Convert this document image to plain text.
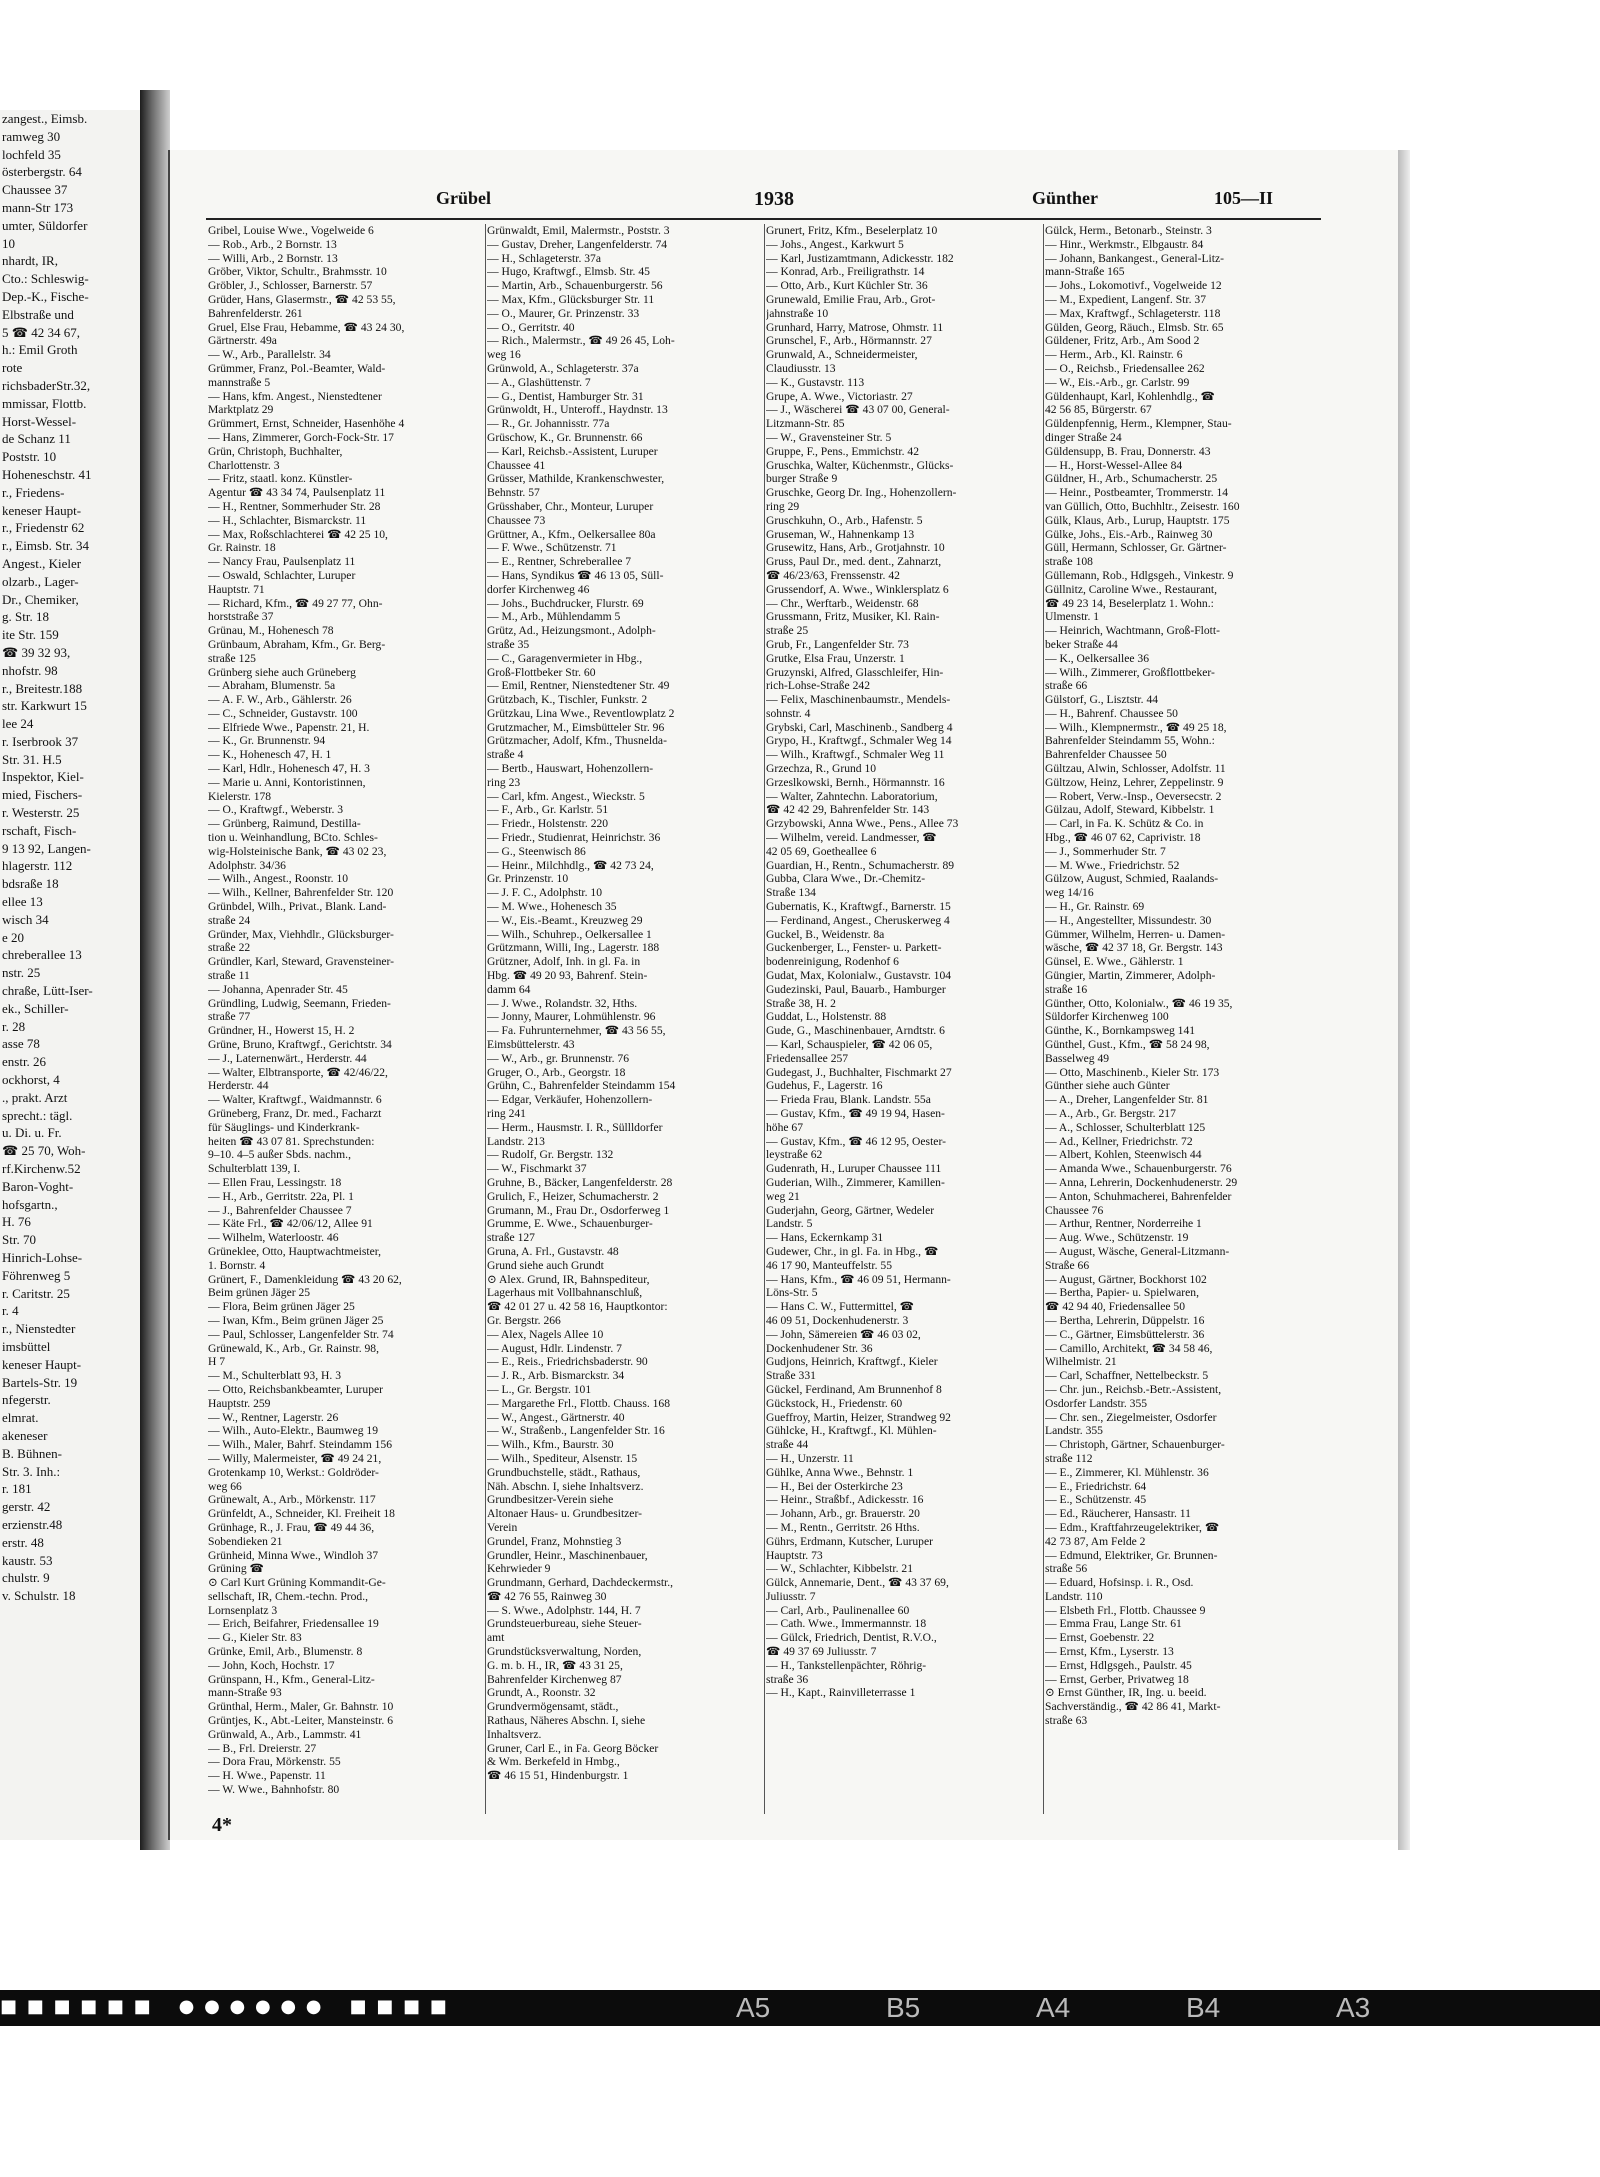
zangest., Eimsb.
ramweg 30
lochfeld 35
österbergstr. 64
Chaussee 37
mann-Str 173
umter, Süldorfer
10
nhardt, IR,
Cto.: Schleswig-
Dep.-K., Fische-
Elbstraße und
5 ☎ 42 34 67,
h.: Emil Groth
rote
richsbaderStr.32,
mmissar, Flottb.
Horst-Wessel-
de Schanz 11
Poststr. 10
Hoheneschstr. 41
r., Friedens-
keneser Haupt-
r., Friedenstr 62
r., Eimsb. Str. 34
Angest., Kieler
olzarb., Lager-
Dr., Chemiker,
g. Str. 18
ite Str. 159
☎ 39 32 93,
nhofstr. 98
r., Breitestr.188
str. Karkwurt 15
lee 24
r. Iserbrook 37
Str. 31. H.5
Inspektor, Kiel-
mied, Fischers-
r. Westerstr. 25
rschaft, Fisch-
9 13 92, Langen-
hlagerstr. 112
bdsraße 18
ellee 13
wisch 34
e 20
chreberallee 13
nstr. 25
chraße, Lütt-Iser-
ek., Schiller-
r. 28
asse 78
enstr. 26
ockhorst, 4
., prakt. Arzt
sprecht.: tägl.
u. Di. u. Fr.
☎ 25 70, Woh-
rf.Kirchenw.52
Baron-Voght-
hofsgartn.,
H. 76
Str. 70
Hinrich-Lohse-
Föhrenweg 5
r. Caritstr. 25
r. 4
r., Nienstedter
imsbüttel
keneser Haupt-
Bartels-Str. 19
nfegerstr.
elmrat.
akeneser
B. Bühnen-
Str. 3. Inh.:
r. 181
gerstr. 42
erzienstr.48
erstr. 48
kaustr. 53
chulstr. 9
v. Schulstr. 18
Grübel	1938	Günther	105—II
Gribel, Louise Wwe., Vogelweide 6
— Rob., Arb., 2 Bornstr. 13
— Willi, Arb., 2 Bornstr. 13
Gröber, Viktor, Schultr., Brahmsstr. 10
Gröbler, J., Schlosser, Barnerstr. 57
Grüder, Hans, Glasermstr., ☎ 42 53 55,
Bahrenfelderstr. 261
Gruel, Else Frau, Hebamme, ☎ 43 24 30,
Gärtnerstr. 49a
— W., Arb., Parallelstr. 34
Grümmer, Franz, Pol.-Beamter, Wald-
mannstraße 5
— Hans, kfm. Angest., Nienstedtener
Marktplatz 29
Grümmert, Ernst, Schneider, Hasenhöhe 4
— Hans, Zimmerer, Gorch-Fock-Str. 17
Grün, Christoph, Buchhalter,
Charlottenstr. 3
— Fritz, staatl. konz. Künstler-
Agentur ☎ 43 34 74, Paulsenplatz 11
— H., Rentner, Sommerhuder Str. 28
— H., Schlachter, Bismarckstr. 11
— Max, Roßschlachterei ☎ 42 25 10,
Gr. Rainstr. 18
— Nancy Frau, Paulsenplatz 11
— Oswald, Schlachter, Luruper
Hauptstr. 71
— Richard, Kfm., ☎ 49 27 77, Ohn-
horststraße 37
Grünau, M., Hohenesch 78
Grünbaum, Abraham, Kfm., Gr. Berg-
straße 125
Grünberg siehe auch Grüneberg
— Abraham, Blumenstr. 5a
— A. F. W., Arb., Gählerstr. 26
— C., Schneider, Gustavstr. 100
— Elfriede Wwe., Papenstr. 21, H.
— K., Gr. Brunnenstr. 94
— K., Hohenesch 47, H. 1
— Karl, Hdlr., Hohenesch 47, H. 3
— Marie u. Anni, Kontoristinnen,
Kielerstr. 178
— O., Kraftwgf., Weberstr. 3
— Grünberg, Raimund, Destilla-
tion u. Weinhandlung, BCto. Schles-
wig-Holsteinische Bank, ☎ 43 02 23,
Adolphstr. 34/36
— Wilh., Angest., Roonstr. 10
— Wilh., Kellner, Bahrenfelder Str. 120
Grünbdel, Wilh., Privat., Blank. Land-
straße 24
Gründer, Max, Viehhdlr., Glücksburger-
straße 22
Gründler, Karl, Steward, Gravensteiner-
straße 11
— Johanna, Apenrader Str. 45
Gründling, Ludwig, Seemann, Frieden-
straße 77
Gründner, H., Howerst 15, H. 2
Grüne, Bruno, Kraftwgf., Gerichtstr. 34
— J., Laternenwärt., Herderstr. 44
— Walter, Elbtransporte, ☎ 42/46/22,
Herderstr. 44
— Walter, Kraftwgf., Waidmannstr. 6
Grüneberg, Franz, Dr. med., Facharzt
für Säuglings- und Kinderkrank-
heiten ☎ 43 07 81. Sprechstunden:
9–10. 4–5 außer Sbds. nachm.,
Schulterblatt 139, I.
— Ellen Frau, Lessingstr. 18
— H., Arb., Gerritstr. 22a, Pl. 1
— J., Bahrenfelder Chaussee 7
— Käte Frl., ☎ 42/06/12, Allee 91
— Wilhelm, Waterloostr. 46
Grüneklee, Otto, Hauptwachtmeister,
1. Bornstr. 4
Grünert, F., Damenkleidung ☎ 43 20 62,
Beim grünen Jäger 25
— Flora, Beim grünen Jäger 25
— Iwan, Kfm., Beim grünen Jäger 25
— Paul, Schlosser, Langenfelder Str. 74
Grünewald, K., Arb., Gr. Rainstr. 98,
H 7
— M., Schulterblatt 93, H. 3
— Otto, Reichsbankbeamter, Luruper
Hauptstr. 259
— W., Rentner, Lagerstr. 26
— Wilh., Auto-Elektr., Baumweg 19
— Wilh., Maler, Bahrf. Steindamm 156
— Willy, Malermeister, ☎ 49 24 21,
Grotenkamp 10, Werkst.: Goldröder-
weg 66
Grünewalt, A., Arb., Mörkenstr. 117
Grünfeldt, A., Schneider, Kl. Freiheit 18
Grünhage, R., J. Frau, ☎ 49 44 36,
Sobendieken 21
Grünheid, Minna Wwe., Windloh 37
Grüning ☎
⊙ Carl Kurt Grüning Kommandit-Ge-
sellschaft, IR, Chem.-techn. Prod.,
Lornsenplatz 3
— Erich, Beifahrer, Friedensallee 19
— G., Kieler Str. 83
Grünke, Emil, Arb., Blumenstr. 8
— John, Koch, Hochstr. 17
Grünspann, H., Kfm., General-Litz-
mann-Straße 93
Grünthal, Herm., Maler, Gr. Bahnstr. 10
Grüntjes, K., Abt.-Leiter, Mansteinstr. 6
Grünwald, A., Arb., Lammstr. 41
— B., Frl. Dreierstr. 27
— Dora Frau, Mörkenstr. 55
— H. Wwe., Papenstr. 11
— W. Wwe., Bahnhofstr. 80
Grünwaldt, Emil, Malermstr., Poststr. 3
— Gustav, Dreher, Langenfelderstr. 74
— H., Schlageterstr. 37a
— Hugo, Kraftwgf., Elmsb. Str. 45
— Martin, Arb., Schauenburgerstr. 56
— Max, Kfm., Glücksburger Str. 11
— O., Maurer, Gr. Prinzenstr. 33
— O., Gerritstr. 40
— Rich., Malermstr., ☎ 49 26 45, Loh-
weg 16
Grünwold, A., Schlageterstr. 37a
— A., Glashüttenstr. 7
— G., Dentist, Hamburger Str. 31
Grünwoldt, H., Unteroff., Haydnstr. 13
— R., Gr. Johannisstr. 77a
Grüschow, K., Gr. Brunnenstr. 66
— Karl, Reichsb.-Assistent, Luruper
Chaussee 41
Grüsser, Mathilde, Krankenschwester,
Behnstr. 57
Grüsshaber, Chr., Monteur, Luruper
Chaussee 73
Grüttner, A., Kfm., Oelkersallee 80a
— F. Wwe., Schützenstr. 71
— E., Rentner, Schreberallee 7
— Hans, Syndikus ☎ 46 13 05, Süll-
dorfer Kirchenweg 46
— Johs., Buchdrucker, Flurstr. 69
— M., Arb., Mühlendamm 5
Grütz, Ad., Heizungsmont., Adolph-
straße 35
— C., Garagenvermieter in Hbg.,
Groß-Flottbeker Str. 60
— Emil, Rentner, Nienstedtener Str. 49
Grützbach, K., Tischler, Funkstr. 2
Grützkau, Lina Wwe., Reventlowplatz 2
Grutzmacher, M., Eimsbütteler Str. 96
Grützmacher, Adolf, Kfm., Thusnelda-
straße 4
— Bertb., Hauswart, Hohenzollern-
ring 23
— Carl, kfm. Angest., Wieckstr. 5
— F., Arb., Gr. Karlstr. 51
— Friedr., Holstenstr. 220
— Friedr., Studienrat, Heinrichstr. 36
— G., Steenwisch 86
— Heinr., Milchhdlg., ☎ 42 73 24,
Gr. Prinzenstr. 10
— J. F. C., Adolphstr. 10
— M. Wwe., Hohenesch 35
— W., Eis.-Beamt., Kreuzweg 29
— Wilh., Schuhrep., Oelkersallee 1
Grützmann, Willi, Ing., Lagerstr. 188
Grützner, Adolf, Inh. in gl. Fa. in
Hbg. ☎ 49 20 93, Bahrenf. Stein-
damm 64
— J. Wwe., Rolandstr. 32, Hths.
— Jonny, Maurer, Lohmühlenstr. 96
— Fa. Fuhrunternehmer, ☎ 43 56 55,
Eimsbüttelerstr. 43
— W., Arb., gr. Brunnenstr. 76
Gruger, O., Arb., Georgstr. 18
Grühn, C., Bahrenfelder Steindamm 154
— Edgar, Verkäufer, Hohenzollern-
ring 241
— Herm., Hausmstr. I. R., Süllldorfer
Landstr. 213
— Rudolf, Gr. Bergstr. 132
— W., Fischmarkt 37
Gruhne, B., Bäcker, Langenfelderstr. 28
Grulich, F., Heizer, Schumacherstr. 2
Grumann, M., Frau Dr., Osdorferweg 1
Grumme, E. Wwe., Schauenburger-
straße 127
Gruna, A. Frl., Gustavstr. 48
Grund siehe auch Grundt
⊙ Alex. Grund, IR, Bahnspediteur,
Lagerhaus mit Vollbahnanschluß,
☎ 42 01 27 u. 42 58 16, Hauptkontor:
Gr. Bergstr. 266
— Alex, Nagels Allee 10
— August, Hdlr. Lindenstr. 7
— E., Reis., Friedrichsbaderstr. 90
— J. R., Arb. Bismarckstr. 34
— L., Gr. Bergstr. 101
— Margarethe Frl., Flottb. Chauss. 168
— W., Angest., Gärtnerstr. 40
— W., Straßenb., Langenfelder Str. 16
— Wilh., Kfm., Baurstr. 30
— Wilh., Spediteur, Alsenstr. 15
Grundbuchstelle, städt., Rathaus,
Näh. Abschn. I, siehe Inhaltsverz.
Grundbesitzer-Verein siehe
Altonaer Haus- u. Grundbesitzer-
Verein
Grundel, Franz, Mohnstieg 3
Grundler, Heinr., Maschinenbauer,
Kehrwieder 9
Grundmann, Gerhard, Dachdeckermstr.,
☎ 42 76 55, Rainweg 30
— S. Wwe., Adolphstr. 144, H. 7
Grundsteuerbureau, siehe Steuer-
amt
Grundstücksverwaltung, Norden,
G. m. b. H., IR, ☎ 43 31 25,
Bahrenfelder Kirchenweg 87
Grundt, A., Roonstr. 32
Grundvermögensamt, städt.,
Rathaus, Näheres Abschn. I, siehe
Inhaltsverz.
Gruner, Carl E., in Fa. Georg Böcker
& Wm. Berkefeld in Hmbg.,
☎ 46 15 51, Hindenburgstr. 1
Grunert, Fritz, Kfm., Beselerplatz 10
— Johs., Angest., Karkwurt 5
— Karl, Justizamtmann, Adickesstr. 182
— Konrad, Arb., Freiligrathstr. 14
— Otto, Arb., Kurt Küchler Str. 36
Grunewald, Emilie Frau, Arb., Grot-
jahnstraße 10
Grunhard, Harry, Matrose, Ohmstr. 11
Grunschel, F., Arb., Hörmannstr. 27
Grunwald, A., Schneidermeister,
Claudiusstr. 13
— K., Gustavstr. 113
Grupe, A. Wwe., Victoriastr. 27
— J., Wäscherei ☎ 43 07 00, General-
Litzmann-Str. 85
— W., Gravensteiner Str. 5
Gruppe, F., Pens., Emmichstr. 42
Gruschka, Walter, Küchenmstr., Glücks-
burger Straße 9
Gruschke, Georg Dr. Ing., Hohenzollern-
ring 29
Gruschkuhn, O., Arb., Hafenstr. 5
Gruseman, W., Hahnenkamp 13
Grusewitz, Hans, Arb., Grotjahnstr. 10
Gruss, Paul Dr., med. dent., Zahnarzt,
☎ 46/23/63, Frenssenstr. 42
Grussendorf, A. Wwe., Winklersplatz 6
— Chr., Werftarb., Weidenstr. 68
Grussmann, Fritz, Musiker, Kl. Rain-
straße 25
Grub, Fr., Langenfelder Str. 73
Grutke, Elsa Frau, Unzerstr. 1
Gruzynski, Alfred, Glasschleifer, Hin-
rich-Lohse-Straße 242
— Felix, Maschinenbaumstr., Mendels-
sohnstr. 4
Grybski, Carl, Maschinenb., Sandberg 4
Grypo, H., Kraftwgf., Schmaler Weg 14
— Wilh., Kraftwgf., Schmaler Weg 11
Grzechza, R., Grund 10
Grzeslkowski, Bernh., Hörmannstr. 16
— Walter, Zahntechn. Laboratorium,
☎ 42 42 29, Bahrenfelder Str. 143
Grzybowski, Anna Wwe., Pens., Allee 73
— Wilhelm, vereid. Landmesser, ☎
42 05 69, Goetheallee 6
Guardian, H., Rentn., Schumacherstr. 89
Gubba, Clara Wwe., Dr.-Chemitz-
Straße 134
Gubernatis, K., Kraftwgf., Barnerstr. 15
— Ferdinand, Angest., Cheruskerweg 4
Guckel, B., Weidenstr. 8a
Guckenberger, L., Fenster- u. Parkett-
bodenreinigung, Rodenhof 6
Gudat, Max, Kolonialw., Gustavstr. 104
Gudezinski, Paul, Bauarb., Hamburger
Straße 38, H. 2
Guddat, L., Holstenstr. 88
Gude, G., Maschinenbauer, Arndtstr. 6
— Karl, Schauspieler, ☎ 42 06 05,
Friedensallee 257
Gudegast, J., Buchhalter, Fischmarkt 27
Gudehus, F., Lagerstr. 16
— Frieda Frau, Blank. Landstr. 55a
— Gustav, Kfm., ☎ 49 19 94, Hasen-
höhe 67
— Gustav, Kfm., ☎ 46 12 95, Oester-
leystraße 62
Gudenrath, H., Luruper Chaussee 111
Guderian, Wilh., Zimmerer, Kamillen-
weg 21
Guderjahn, Georg, Gärtner, Wedeler
Landstr. 5
— Hans, Eckernkamp 31
Gudewer, Chr., in gl. Fa. in Hbg., ☎
46 17 90, Manteuffelstr. 55
— Hans, Kfm., ☎ 46 09 51, Hermann-
Löns-Str. 5
— Hans C. W., Futtermittel, ☎
46 09 51, Dockenhudenerstr. 3
— John, Sämereien ☎ 46 03 02,
Dockenhudener Str. 36
Gudjons, Heinrich, Kraftwgf., Kieler
Straße 331
Gückel, Ferdinand, Am Brunnenhof 8
Gückstock, H., Friedenstr. 60
Gueffroy, Martin, Heizer, Strandweg 92
Gühlcke, H., Kraftwgf., Kl. Mühlen-
straße 44
— H., Unzerstr. 11
Gühlke, Anna Wwe., Behnstr. 1
— H., Bei der Osterkirche 23
— Heinr., Straßbf., Adickesstr. 16
— Johann, Arb., gr. Brauerstr. 20
— M., Rentn., Gerritstr. 26 Hths.
Gührs, Erdmann, Kutscher, Luruper
Hauptstr. 73
— W., Schlachter, Kibbelstr. 21
Gülck, Annemarie, Dent., ☎ 43 37 69,
Juliusstr. 7
— Carl, Arb., Paulinenallee 60
— Cath. Wwe., Immermannstr. 18
— Gülck, Friedrich, Dentist, R.V.O.,
☎ 49 37 69 Juliusstr. 7
— H., Tankstellenpächter, Röhrig-
straße 36
— H., Kapt., Rainvilleterrasse 1
Gülck, Herm., Betonarb., Steinstr. 3
— Hinr., Werkmstr., Elbgaustr. 84
— Johann, Bankangest., General-Litz-
mann-Straße 165
— Johs., Lokomotivf., Vogelweide 12
— M., Expedient, Langenf. Str. 37
— Max, Kraftwgf., Schlageterstr. 118
Gülden, Georg, Räuch., Elmsb. Str. 65
Güldener, Fritz, Arb., Am Sood 2
— Herm., Arb., Kl. Rainstr. 6
— O., Reichsb., Friedensallee 262
— W., Eis.-Arb., gr. Carlstr. 99
Güldenhaupt, Karl, Kohlenhdlg., ☎
42 56 85, Bürgerstr. 67
Güldenpfennig, Herm., Klempner, Stau-
dinger Straße 24
Güldensupp, B. Frau, Donnerstr. 43
— H., Horst-Wessel-Allee 84
Güldner, H., Arb., Schumacherstr. 25
— Heinr., Postbeamter, Trommerstr. 14
van Güllich, Otto, Buchhltr., Zeisestr. 160
Gülk, Klaus, Arb., Lurup, Hauptstr. 175
Gülke, Johs., Eis.-Arb., Rainweg 30
Güll, Hermann, Schlosser, Gr. Gärtner-
straße 108
Güllemann, Rob., Hdlgsgeh., Vinkestr. 9
Güllnitz, Caroline Wwe., Restaurant,
☎ 49 23 14, Beselerplatz 1. Wohn.:
Ulmenstr. 1
— Heinrich, Wachtmann, Groß-Flott-
beker Straße 44
— K., Oelkersallee 36
— Wilh., Zimmerer, Großflottbeker-
straße 66
Gülstorf, G., Lisztstr. 44
— H., Bahrenf. Chaussee 50
— Wilh., Klempnermstr., ☎ 49 25 18,
Bahrenfelder Steindamm 55, Wohn.:
Bahrenfelder Chaussee 50
Gültzau, Alwin, Schlosser, Adolfstr. 11
Gültzow, Heinz, Lehrer, Zeppelinstr. 9
— Robert, Verw.-Insp., Oeversecstr. 2
Gülzau, Adolf, Steward, Kibbelstr. 1
— Carl, in Fa. K. Schütz & Co. in
Hbg., ☎ 46 07 62, Caprivistr. 18
— J., Sommerhuder Str. 7
— M. Wwe., Friedrichstr. 52
Gülzow, August, Schmied, Raalands-
weg 14/16
— H., Gr. Rainstr. 69
— H., Angestellter, Missundestr. 30
Gümmer, Wilhelm, Herren- u. Damen-
wäsche, ☎ 42 37 18, Gr. Bergstr. 143
Günsel, E. Wwe., Gählerstr. 1
Güngier, Martin, Zimmerer, Adolph-
straße 16
Günther, Otto, Kolonialw., ☎ 46 19 35,
Süldorfer Kirchenweg 100
Günthe, K., Bornkampsweg 141
Günthel, Gust., Kfm., ☎ 58 24 98,
Basselweg 49
— Otto, Maschinenb., Kieler Str. 173
Günther siehe auch Günter
— A., Dreher, Langenfelder Str. 81
— A., Arb., Gr. Bergstr. 217
— A., Schlosser, Schulterblatt 125
— Ad., Kellner, Friedrichstr. 72
— Albert, Kohlen, Steenwisch 44
— Amanda Wwe., Schauenburgerstr. 76
— Anna, Lehrerin, Dockenhudenerstr. 29
— Anton, Schuhmacherei, Bahrenfelder
Chaussee 76
— Arthur, Rentner, Norderreihe 1
— Aug. Wwe., Schützenstr. 19
— August, Wäsche, General-Litzmann-
Straße 66
— August, Gärtner, Bockhorst 102
— Bertha, Papier- u. Spielwaren,
☎ 42 94 40, Friedensallee 50
— Bertha, Lehrerin, Düppelstr. 16
— C., Gärtner, Eimsbüttelerstr. 36
— Camillo, Architekt, ☎ 34 58 46,
Wilhelmistr. 21
— Carl, Schaffner, Nettelbeckstr. 5
— Chr. jun., Reichsb.-Betr.-Assistent,
Osdorfer Landstr. 355
— Chr. sen., Ziegelmeister, Osdorfer
Landstr. 355
— Christoph, Gärtner, Schauenburger-
straße 112
— E., Zimmerer, Kl. Mühlenstr. 36
— E., Friedrichstr. 64
— E., Schützenstr. 45
— Ed., Räucherer, Hansastr. 11
— Edm., Kraftfahrzeugelektriker, ☎
42 73 87, Am Felde 2
— Edmund, Elektriker, Gr. Brunnen-
straße 56
— Eduard, Hofsinsp. i. R., Osd.
Landstr. 110
— Elsbeth Frl., Flottb. Chaussee 9
— Emma Frau, Lange Str. 61
— Ernst, Goebenstr. 22
— Ernst, Kfm., Lyserstr. 13
— Ernst, Hdlgsgeh., Paulstr. 45
— Ernst, Gerber, Privatweg 18
⊙ Ernst Günther, IR, Ing. u. beeid.
Sachverständig., ☎ 42 86 41, Markt-
straße 63
4*
■ ■ ■ ■ ■ ■ ● ● ● ● ● ● ■ ■ ■ ■	A5	B5	A4	B4	A3
